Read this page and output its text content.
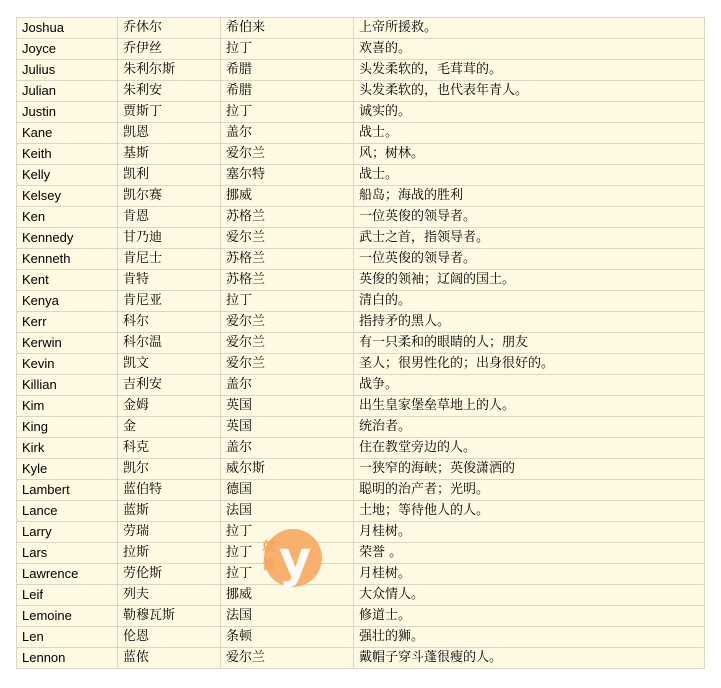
Joshua	乔休尔	希伯来	上帝所援救。
Joyce	乔伊丝	拉丁	欢喜的。
Julius	朱利尔斯	希腊	头发柔软的，毛茸茸的。
Julian	朱利安	希腊	头发柔软的，也代表年青人。
Justin	贾斯丁	拉丁	诚实的。
Kane	凯恩	盖尔	战士。
Keith	基斯	爱尔兰	风；树林。
Kelly	凯利	塞尔特	战士。
Kelsey	凯尔赛	挪威	船岛；海战的胜利
Ken	肯恩	苏格兰	一位英俊的领导者。
Kennedy	甘乃迪	爱尔兰	武士之首，指领导者。
Kenneth	肯尼士	苏格兰	一位英俊的领导者。
Kent	肯特	苏格兰	英俊的领袖；辽阔的国土。
Kenya	肯尼亚	拉丁	清白的。
Kerr	科尔	爱尔兰	指持矛的黑人。
Kerwin	科尔温	爱尔兰	有一只柔和的眼睛的人；朋友
Kevin	凯文	爱尔兰	圣人；很男性化的；出身很好的。
Killian	吉利安	盖尔	战争。
Kim	金姆	英国	出生皇家堡垒草地上的人。
King	金	英国	统治者。
Kirk	科克	盖尔	住在教堂旁边的人。
Kyle	凯尔	威尔斯	一狭窄的海峡；英俊潇洒的
Lambert	蓝伯特	德国	聪明的治产者；光明。
Lance	蓝斯	法国	土地；等待他人的人。
Larry	劳瑞	拉丁	月桂树。
Lars	拉斯	拉丁	荣誉 。
Lawrence	劳伦斯	拉丁	月桂树。
Leif	列夫	挪威	大众情人。
Lemoine	勒穆瓦斯	法国	修道士。
Len	伦恩	条顿	强壮的狮。
Lennon	蓝侬	爱尔兰	戴帽子穿斗蓬很瘦的人。
y
就
酱
